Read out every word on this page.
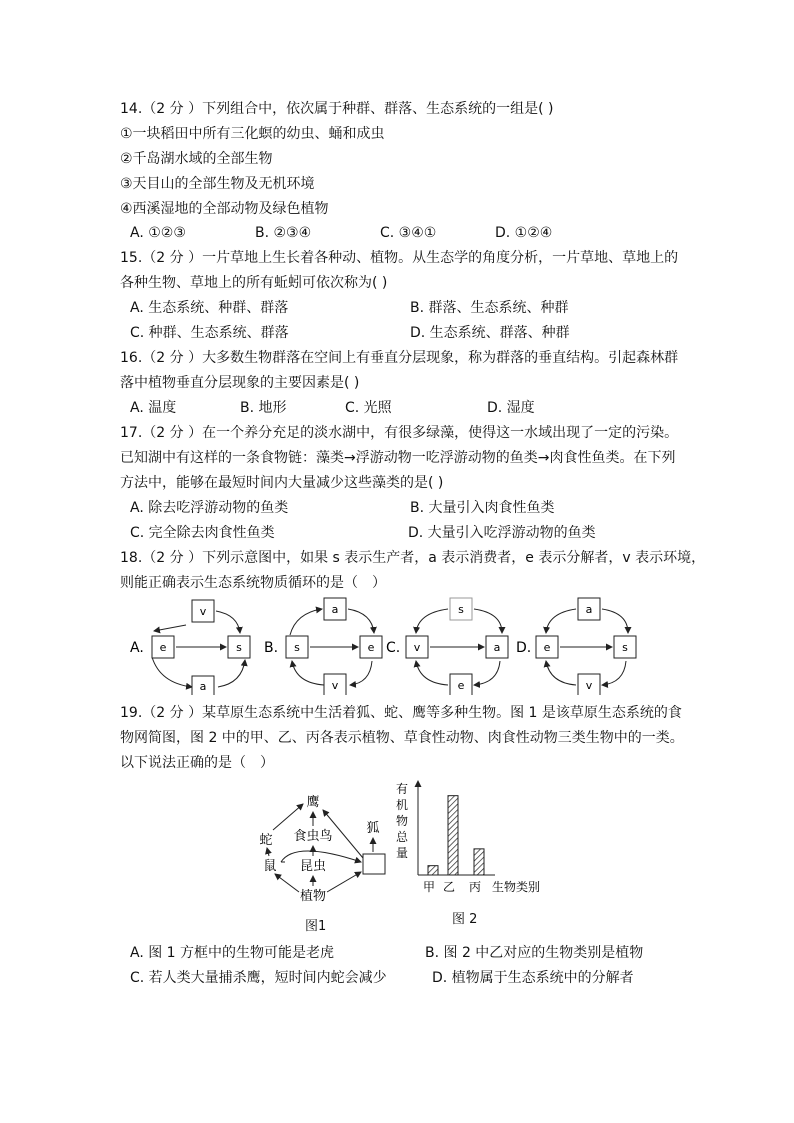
14.（2 分 ）下列组合中，依次属于种群、群落、生态系统的一组是( )
①一块稻田中所有三化螟的幼虫、蛹和成虫
②千岛湖水域的全部生物
③天目山的全部生物及无机环境
④西溪湿地的全部动物及绿色植物
A. ①②③	B. ②③④	C. ③④①	D. ①②④
15.（2 分 ）一片草地上生长着各种动、植物。从生态学的角度分析，一片草地、草地上的
各种生物、草地上的所有蚯蚓可依次称为( )
A. 生态系统、种群、群落	B. 群落、生态系统、种群
C. 种群、生态系统、群落	D. 生态系统、群落、种群
16.（2 分 ）大多数生物群落在空间上有垂直分层现象，称为群落的垂直结构。引起森林群
落中植物垂直分层现象的主要因素是( )
A. 温度	B. 地形	C. 光照	D. 湿度
17.（2 分 ）在一个养分充足的淡水湖中，有很多绿藻，使得这一水域出现了一定的污染。
已知湖中有这样的一条食物链：藻类→浮游动物一吃浮游动物的鱼类→肉食性鱼类。在下列
方法中，能够在最短时间内大量减少这些藻类的是( )
A. 除去吃浮游动物的鱼类	B. 大量引入肉食性鱼类
C. 完全除去肉食性鱼类	D. 大量引入吃浮游动物的鱼类
18.（2 分 ）下列示意图中，如果 s 表示生产者，a 表示消费者，e 表示分解者，v 表示环境，
则能正确表示生态系统物质循环的是（　）
A. e
v
s
a
B. s
a
e
v
C. v
s
a
e
D. e
a
s
v
19.（2 分 ）某草原生态系统中生活着狐、蛇、鹰等多种生物。图 1 是该草原生态系统的食
物网简图，图 2 中的甲、乙、丙各表示植物、草食性动物、肉食性动物三类生物中的一类。
以下说法正确的是（　）
鹰
蛇
鼠
食虫鸟
昆虫
狐
植物
图1
有
机
物
总
量
甲 乙 丙 生物类别
图 2
A. 图 1 方框中的生物可能是老虎	B. 图 2 中乙对应的生物类别是植物
C. 若人类大量捕杀鹰，短时间内蛇会减少	D. 植物属于生态系统中的分解者
